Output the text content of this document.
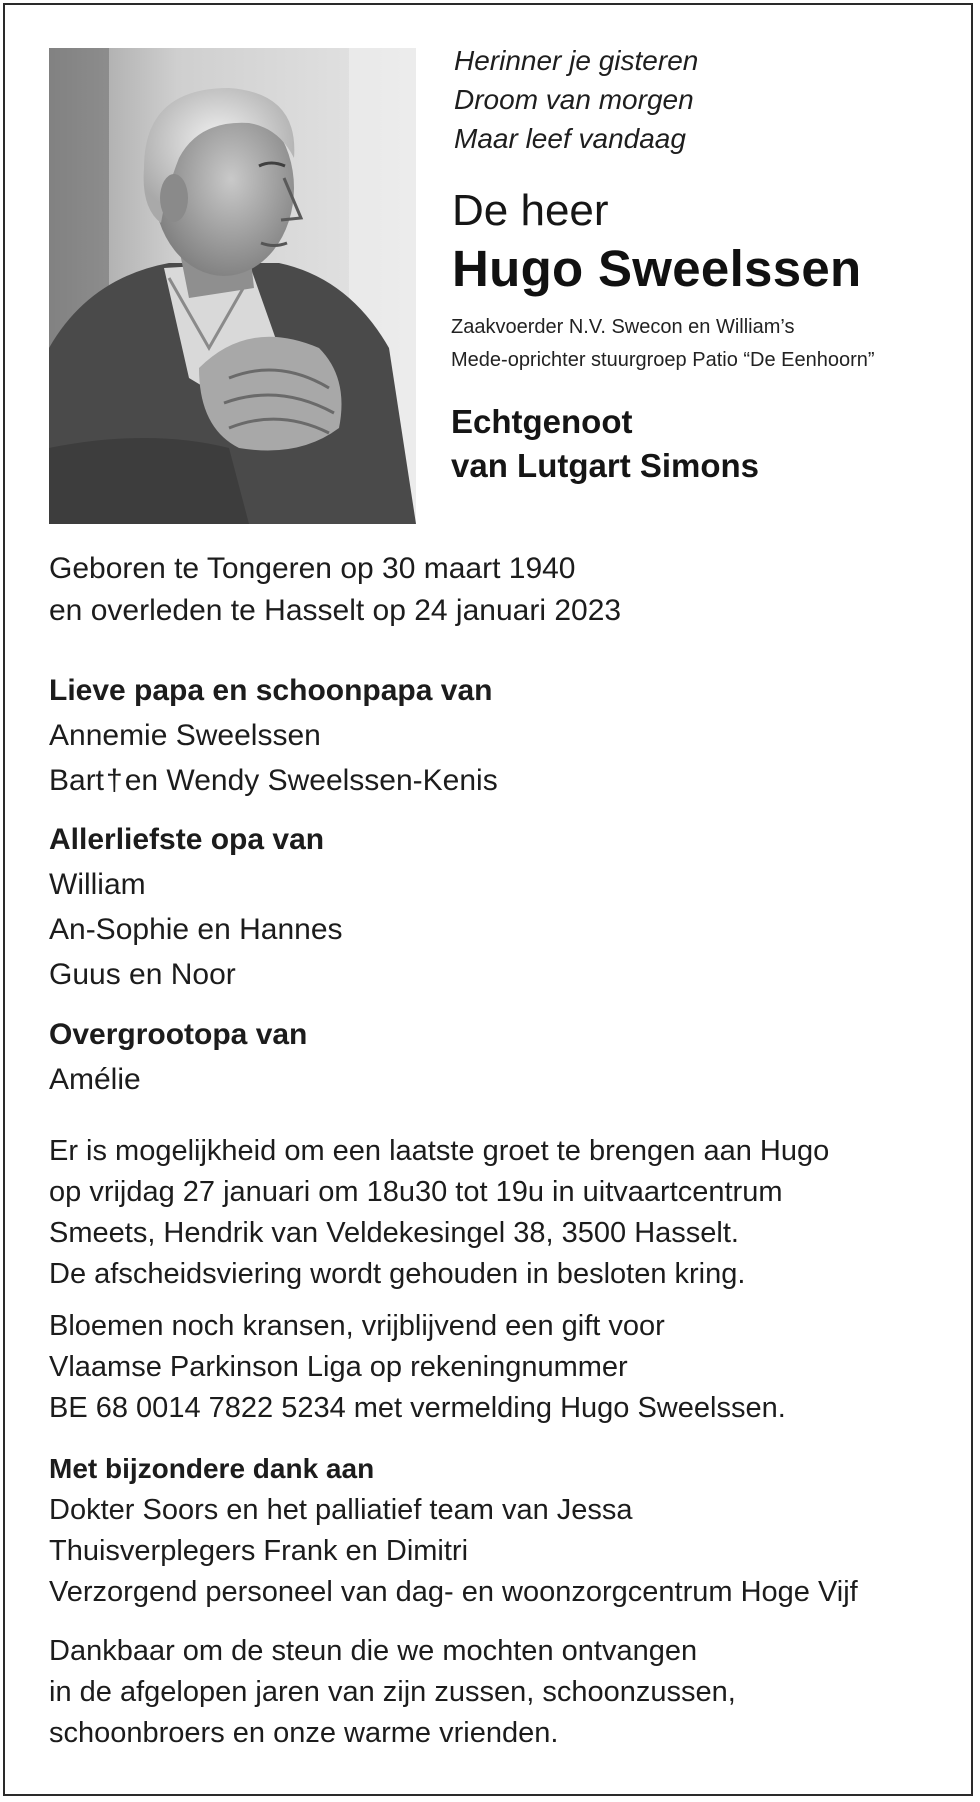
Herinner je gisteren
Droom van morgen
Maar leef vandaag
De heer
Hugo Sweelssen
Zaakvoerder N.V. Swecon en William’s
Mede-oprichter stuurgroep Patio “De Eenhoorn”
Echtgenoot
van Lutgart Simons
Geboren te Tongeren op 30 maart 1940
en overleden te Hasselt op 24 januari 2023
Lieve papa en schoonpapa van
Annemie Sweelssen
Bart†en Wendy Sweelssen-Kenis
Allerliefste opa van
William
An-Sophie en Hannes
Guus en Noor
Overgrootopa van
Amélie
Er is mogelijkheid om een laatste groet te brengen aan Hugo
op vrijdag 27 januari om 18u30 tot 19u in uitvaartcentrum
Smeets, Hendrik van Veldekesingel 38, 3500 Hasselt.
De afscheidsviering wordt gehouden in besloten kring.
Bloemen noch kransen, vrijblijvend een gift voor
Vlaamse Parkinson Liga op rekeningnummer
BE 68 0014 7822 5234 met vermelding Hugo Sweelssen.
Met bijzondere dank aan
Dokter Soors en het palliatief team van Jessa
Thuisverplegers Frank en Dimitri
Verzorgend personeel van dag- en woonzorgcentrum Hoge Vijf
Dankbaar om de steun die we mochten ontvangen
in de afgelopen jaren van zijn zussen, schoonzussen,
schoonbroers en onze warme vrienden.
